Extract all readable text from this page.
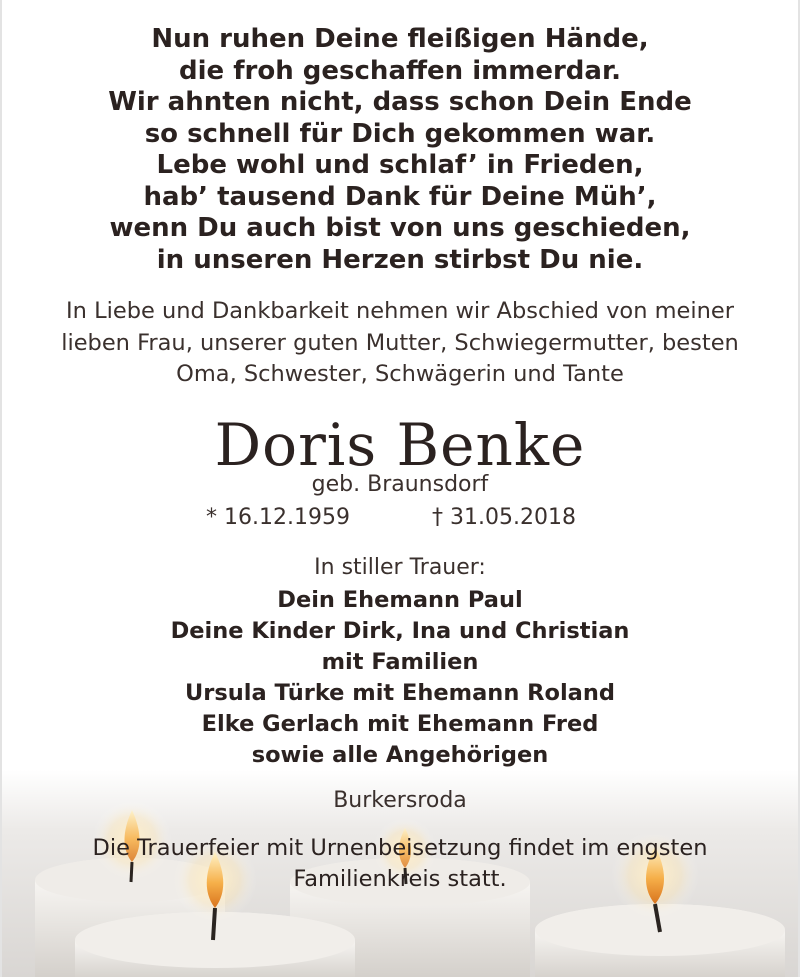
Nun ruhen Deine fleißigen Hände,
die froh geschaffen immerdar.
Wir ahnten nicht, dass schon Dein Ende
so schnell für Dich gekommen war.
Lebe wohl und schlaf’ in Frieden,
hab’ tausend Dank für Deine Müh’,
wenn Du auch bist von uns geschieden,
in unseren Herzen stirbst Du nie.
In Liebe und Dankbarkeit nehmen wir Abschied von meiner
lieben Frau, unserer guten Mutter, Schwiegermutter, besten
Oma, Schwester, Schwägerin und Tante
Doris Benke
geb. Braunsdorf
* 16.12.1959	† 31.05.2018
In stiller Trauer:
Dein Ehemann Paul
Deine Kinder Dirk, Ina und Christian
mit Familien
Ursula Türke mit Ehemann Roland
Elke Gerlach mit Ehemann Fred
sowie alle Angehörigen
Burkersroda
Die Trauerfeier mit Urnenbeisetzung findet im engsten
Familienkreis statt.
